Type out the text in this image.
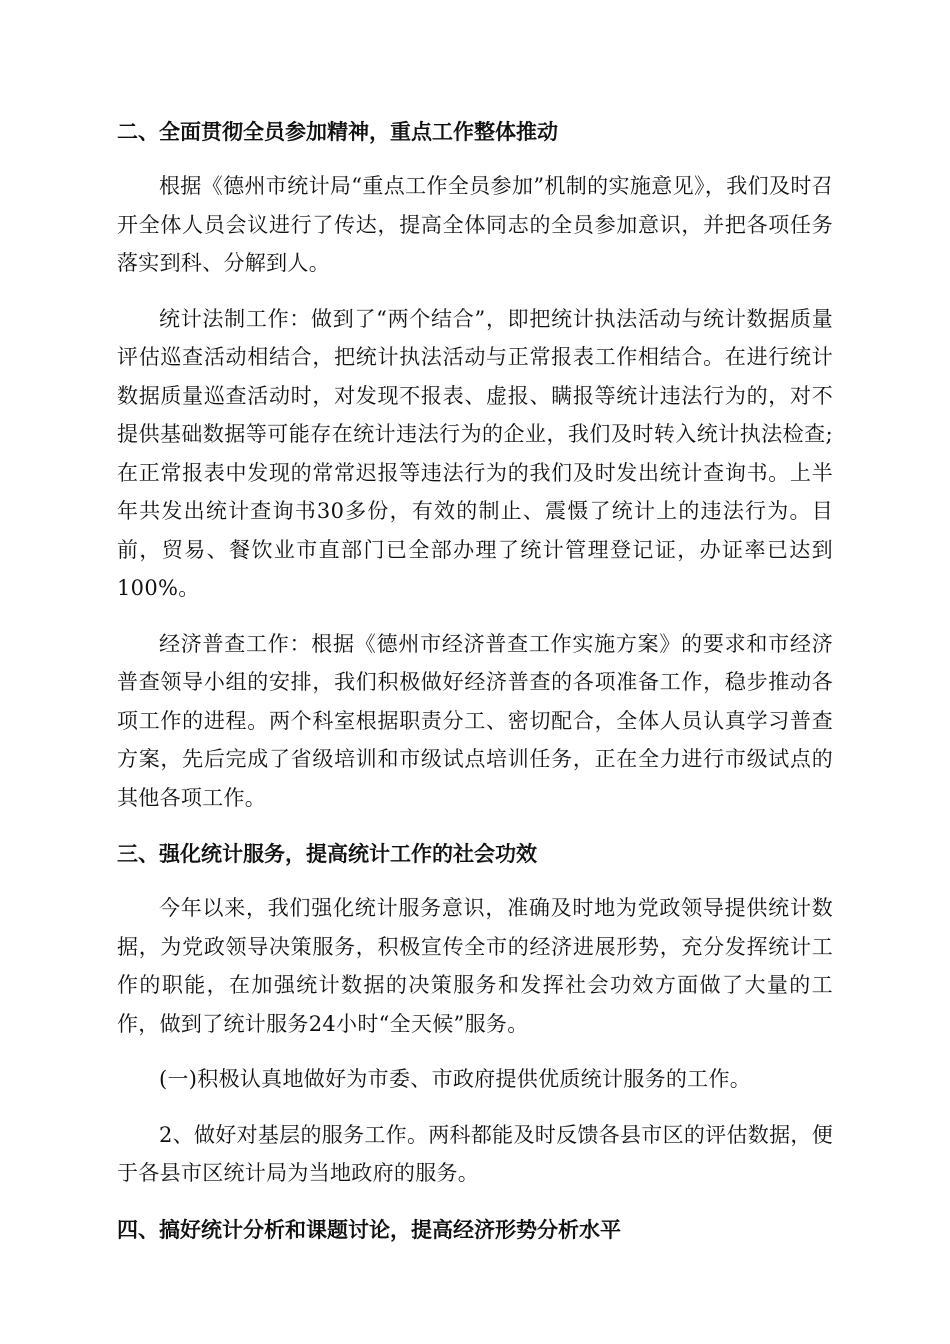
二、全面贯彻全员参加精神，重点工作整体推动

根据《德州市统计局“重点工作全员参加”机制的实施意见》，我们及时召开全体人员会议进行了传达，提高全体同志的全员参加意识，并把各项任务落实到科、分解到人。

统计法制工作：做到了“两个结合”，即把统计执法活动与统计数据质量评估巡查活动相结合，把统计执法活动与正常报表工作相结合。在进行统计数据质量巡查活动时，对发现不报表、虚报、瞒报等统计违法行为的，对不提供基础数据等可能存在统计违法行为的企业，我们及时转入统计执法检查;在正常报表中发现的常常迟报等违法行为的我们及时发出统计查询书。上半年共发出统计查询书30多份，有效的制止、震慑了统计上的违法行为。目前，贸易、餐饮业市直部门已全部办理了统计管理登记证，办证率已达到100%。

经济普查工作：根据《德州市经济普查工作实施方案》的要求和市经济普查领导小组的安排，我们积极做好经济普查的各项准备工作，稳步推动各项工作的进程。两个科室根据职责分工、密切配合，全体人员认真学习普查方案，先后完成了省级培训和市级试点培训任务，正在全力进行市级试点的其他各项工作。

三、强化统计服务，提高统计工作的社会功效

今年以来，我们强化统计服务意识，准确及时地为党政领导提供统计数据，为党政领导决策服务，积极宣传全市的经济进展形势，充分发挥统计工作的职能，在加强统计数据的决策服务和发挥社会功效方面做了大量的工作，做到了统计服务24小时“全天候”服务。

(一)积极认真地做好为市委、市政府提供优质统计服务的工作。

2、做好对基层的服务工作。两科都能及时反馈各县市区的评估数据，便于各县市区统计局为当地政府的服务。

四、搞好统计分析和课题讨论，提高经济形势分析水平
